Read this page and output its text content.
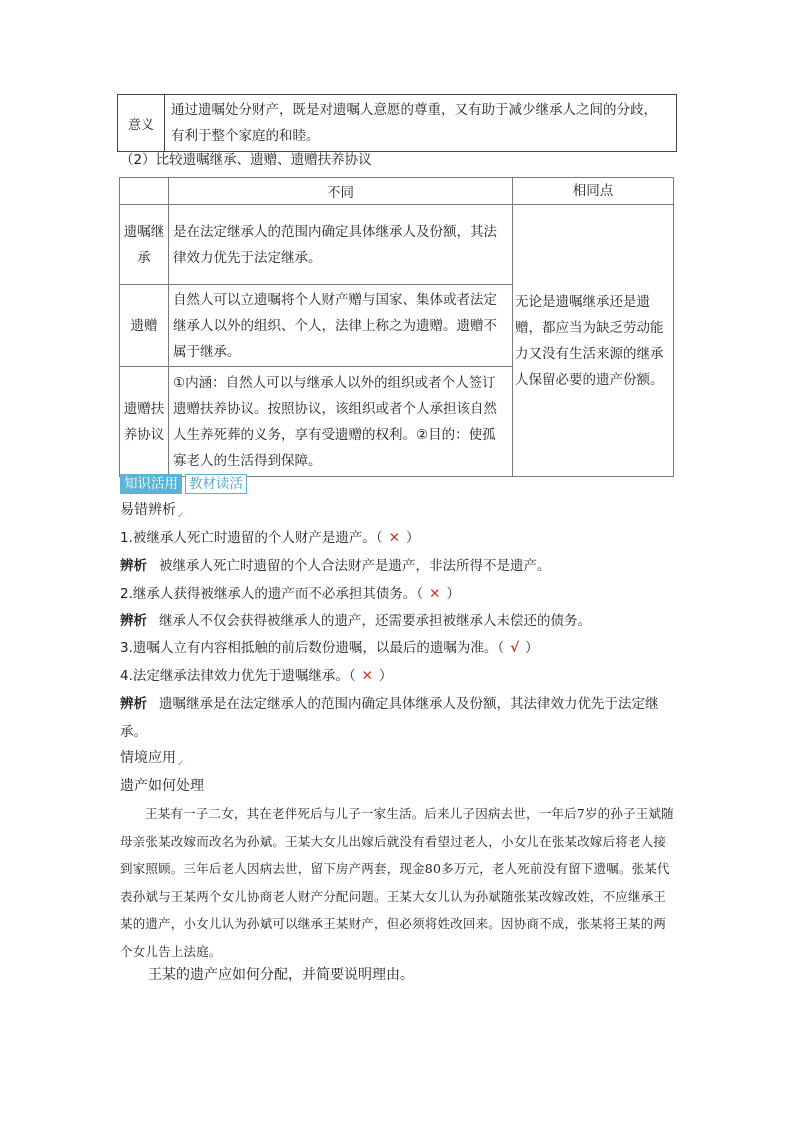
意义	通过遗嘱处分财产，既是对遗嘱人意愿的尊重，又有助于减少继承人之间的分歧，有利于整个家庭的和睦。
（2）比较遗嘱继承、遗赠、遗赠扶养协议
	不同	相同点
遗嘱继承	是在法定继承人的范围内确定具体继承人及份额，其法律效力优先于法定继承。	无论是遗嘱继承还是遗赠，都应当为缺乏劳动能力又没有生活来源的继承人保留必要的遗产份额。
遗赠	自然人可以立遗嘱将个人财产赠与国家、集体或者法定继承人以外的组织、个人，法律上称之为遗赠。遗赠不属于继承。	
遗赠扶养协议	①内涵：自然人可以与继承人以外的组织或者个人签订遗赠扶养协议。按照协议，该组织或者个人承担该自然人生养死葬的义务，享有受遗赠的权利。②目的：使孤寡老人的生活得到保障。	
知识活用 教材读活
易错辨析$_✓$
1.被继承人死亡时遗留的个人财产是遗产。（ ✕ ）
辨析 被继承人死亡时遗留的个人合法财产是遗产，非法所得不是遗产。
2.继承人获得被继承人的遗产而不必承担其债务。（ ✕ ）
辨析 继承人不仅会获得被继承人的遗产，还需要承担被继承人未偿还的债务。
3.遗嘱人立有内容相抵触的前后数份遗嘱，以最后的遗嘱为准。（ √ ）
4.法定继承法律效力优先于遗嘱继承。（ ✕ ）
辨析 遗嘱继承是在法定继承人的范围内确定具体继承人及份额，其法律效力优先于法定继承。
情境应用$_✓$
遗产如何处理
王某有一子二女，其在老伴死后与儿子一家生活。后来儿子因病去世，一年后7岁的孙子王斌随母亲张某改嫁而改名为孙斌。王某大女儿出嫁后就没有看望过老人，小女儿在张某改嫁后将老人接到家照顾。三年后老人因病去世，留下房产两套，现金80多万元，老人死前没有留下遗嘱。张某代表孙斌与王某两个女儿协商老人财产分配问题。王某大女儿认为孙斌随张某改嫁改姓，不应继承王某的遗产，小女儿认为孙斌可以继承王某财产，但必须将姓改回来。因协商不成，张某将王某的两个女儿告上法庭。
王某的遗产应如何分配，并简要说明理由。
